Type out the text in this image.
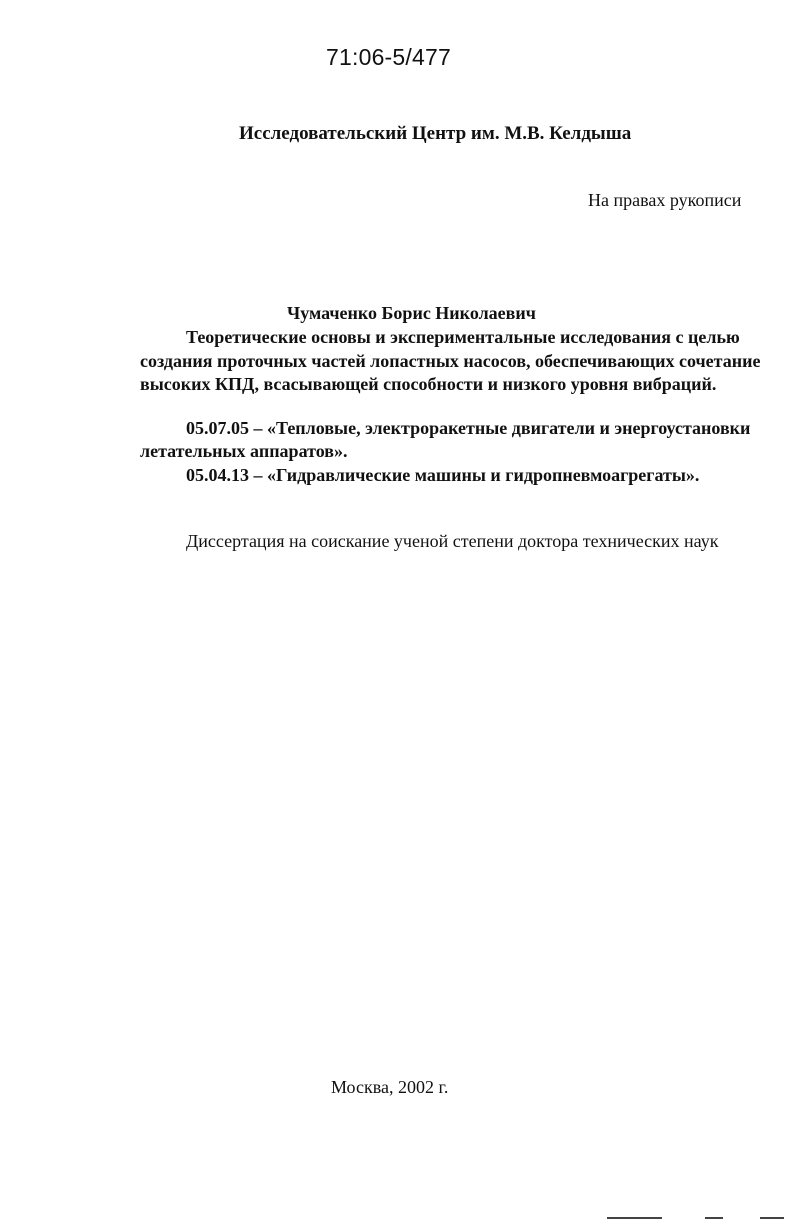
71:06-5/477
Исследовательский Центр им. М.В. Келдыша
На правах рукописи
Чумаченко Борис Николаевич
Теоретические основы и экспериментальные исследования с целью
создания проточных частей лопастных насосов, обеспечивающих сочетание
высоких КПД, всасывающей способности и низкого уровня вибраций.
05.07.05 – «Тепловые, электроракетные двигатели и энергоустановки
летательных аппаратов».
05.04.13 – «Гидравлические машины и гидропневмоагрегаты».
Диссертация на соискание ученой степени доктора технических наук
Москва, 2002 г.
